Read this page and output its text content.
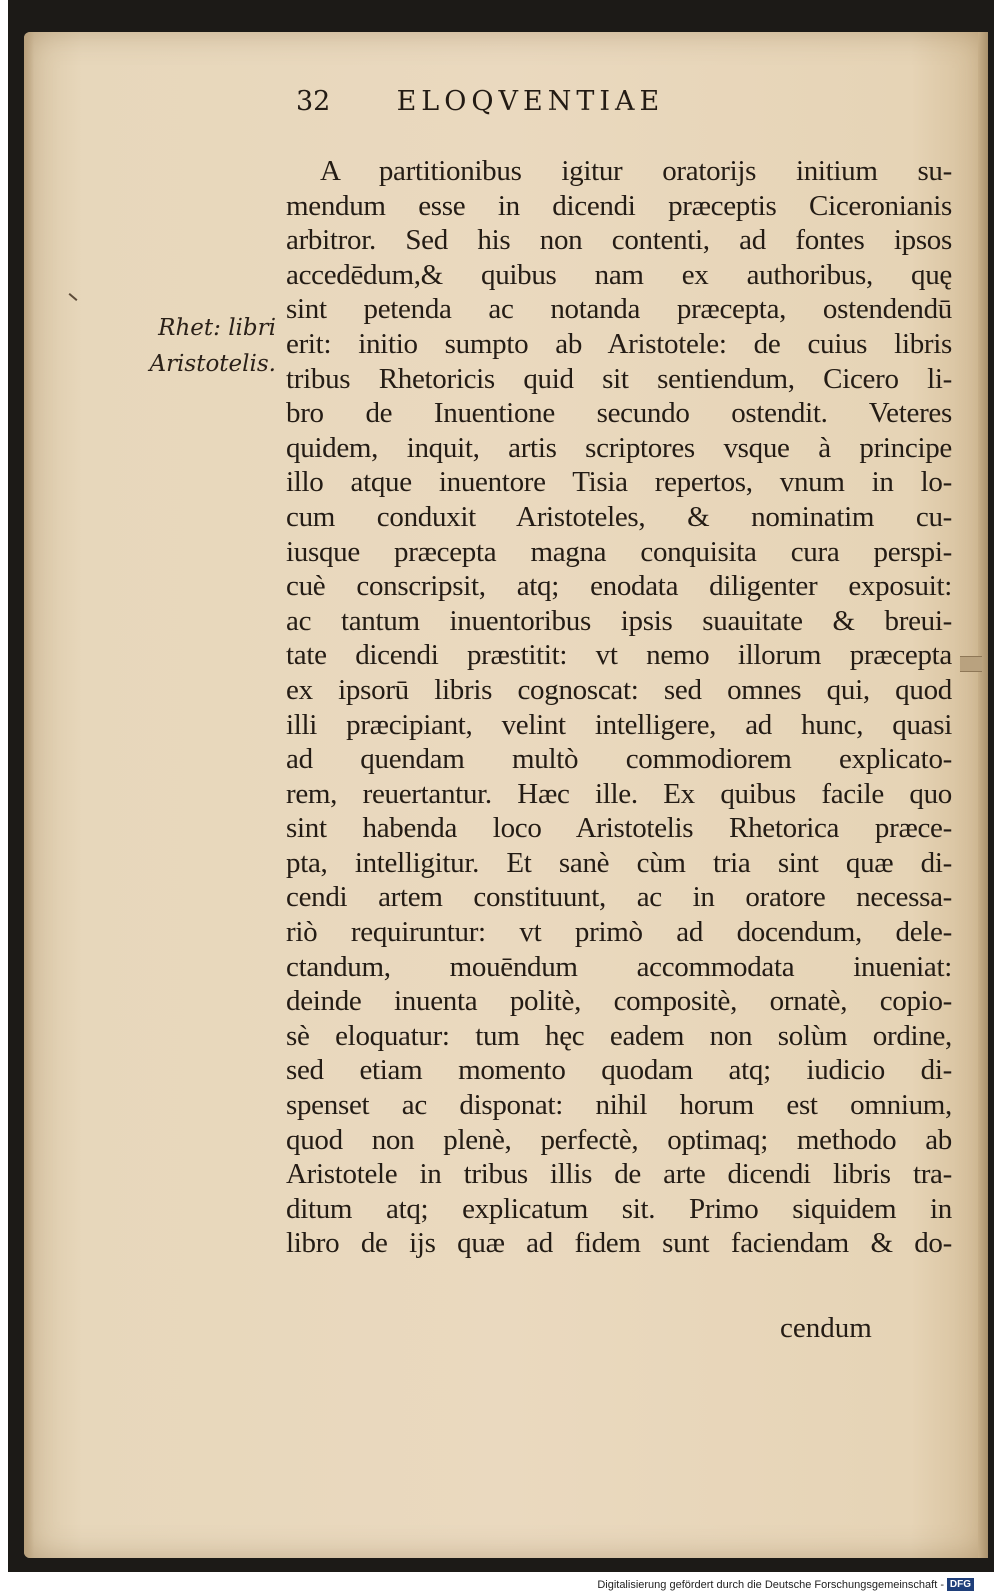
32 ELOQVENTIAE
Rhet: libri
Aristotelis.
A partitionibus igitur oratorijs initium su-
mendum esse in dicendi præceptis Ciceronianis
arbitror. Sed his non contenti, ad fontes ipsos
accedēdum,& quibus nam ex authoribus, quę
sint petenda ac notanda præcepta, ostendendū
erit: initio sumpto ab Aristotele: de cuius libris
tribus Rhetoricis quid sit sentiendum, Cicero li-
bro de Inuentione secundo ostendit. Veteres
quidem, inquit, artis scriptores vsque à principe
illo atque inuentore Tisia repertos, vnum in lo-
cum conduxit Aristoteles, & nominatim cu-
iusque præcepta magna conquisita cura perspi-
cuè conscripsit, atq; enodata diligenter exposuit:
ac tantum inuentoribus ipsis suauitate & breui-
tate dicendi præstitit: vt nemo illorum præcepta
ex ipsorū libris cognoscat: sed omnes qui, quod
illi præcipiant, velint intelligere, ad hunc, quasi
ad quendam multò commodiorem explicato-
rem, reuertantur. Hæc ille. Ex quibus facile quo
sint habenda loco Aristotelis Rhetorica præce-
pta, intelligitur. Et sanè cùm tria sint quæ di-
cendi artem constituunt, ac in oratore necessa-
riò requiruntur: vt primò ad docendum, dele-
ctandum, mouēndum accommodata inueniat:
deinde inuenta politè, compositè, ornatè, copio-
sè eloquatur: tum hęc eadem non solùm ordine,
sed etiam momento quodam atq; iudicio di-
spenset ac disponat: nihil horum est omnium,
quod non plenè, perfectè, optimaq; methodo ab
Aristotele in tribus illis de arte dicendi libris tra-
ditum atq; explicatum sit. Primo siquidem in
libro de ijs quæ ad fidem sunt faciendam & do-
cendum
Digitalisierung gefördert durch die Deutsche Forschungsgemeinschaft - DFG
